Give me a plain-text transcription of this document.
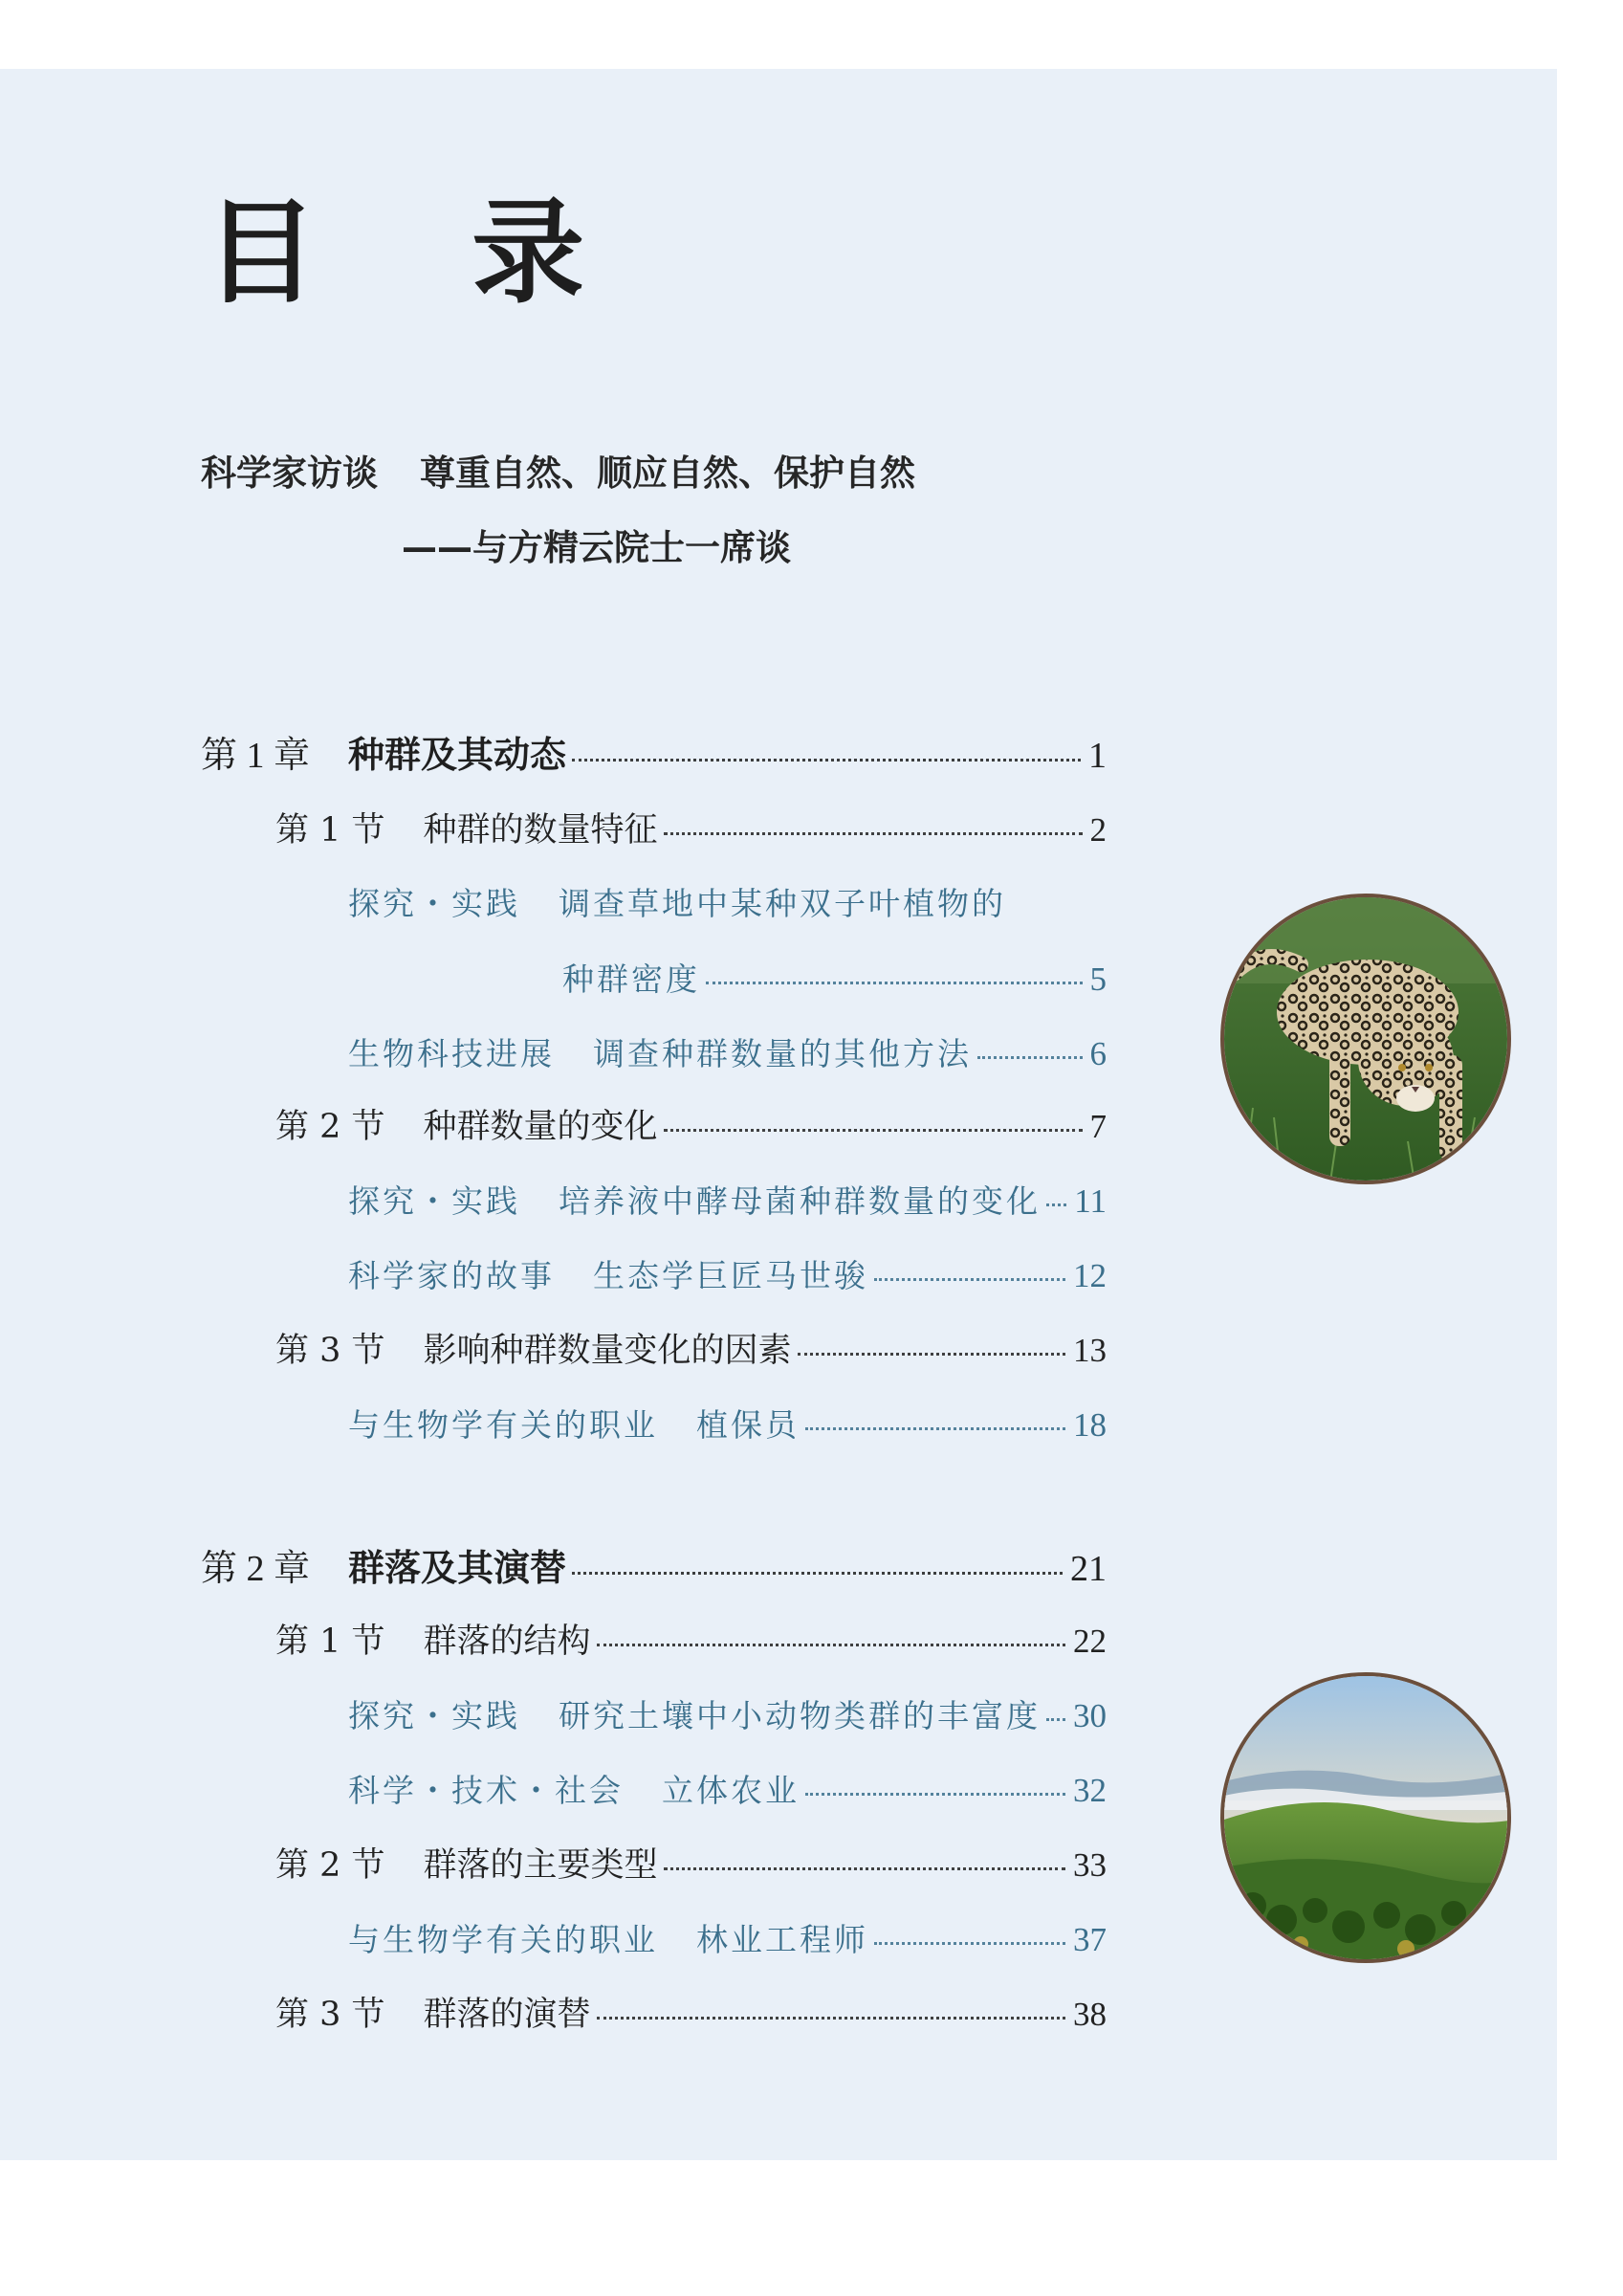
目 录
科学家访谈 尊重自然、顺应自然、保护自然
——与方精云院士一席谈
第 1 章 种群及其动态	1
第 1 节 种群的数量特征	2
探究・实践 调查草地中某种双子叶植物的
种群密度	5
生物科技进展 调查种群数量的其他方法	6
第 2 节 种群数量的变化	7
探究・实践 培养液中酵母菌种群数量的变化 11
科学家的故事 生态学巨匠马世骏	12
第 3 节 影响种群数量变化的因素	13
与生物学有关的职业 植保员	18
第 2 章 群落及其演替	21
第 1 节 群落的结构	22
探究・实践 研究土壤中小动物类群的丰富度 30
科学・技术・社会 立体农业	32
第 2 节 群落的主要类型	33
与生物学有关的职业 林业工程师	37
第 3 节 群落的演替	38
